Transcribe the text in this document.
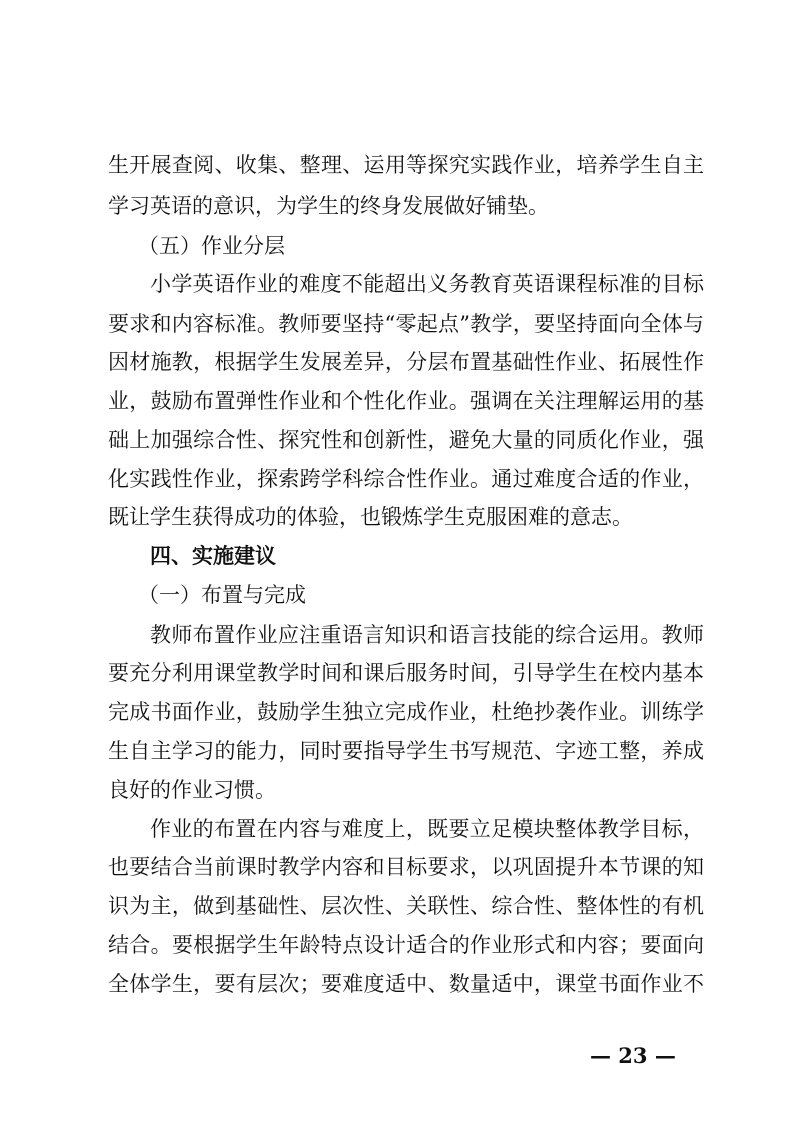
生开展查阅、收集、整理、运用等探究实践作业，培养学生自主
学习英语的意识，为学生的终身发展做好铺垫。
（五）作业分层
小学英语作业的难度不能超出义务教育英语课程标准的目标
要求和内容标准。教师要坚持“零起点”教学，要坚持面向全体与
因材施教，根据学生发展差异，分层布置基础性作业、拓展性作
业，鼓励布置弹性作业和个性化作业。强调在关注理解运用的基
础上加强综合性、探究性和创新性，避免大量的同质化作业，强
化实践性作业，探索跨学科综合性作业。通过难度合适的作业，
既让学生获得成功的体验，也锻炼学生克服困难的意志。
四、实施建议
（一）布置与完成
教师布置作业应注重语言知识和语言技能的综合运用。教师
要充分利用课堂教学时间和课后服务时间，引导学生在校内基本
完成书面作业，鼓励学生独立完成作业，杜绝抄袭作业。训练学
生自主学习的能力，同时要指导学生书写规范、字迹工整，养成
良好的作业习惯。
作业的布置在内容与难度上，既要立足模块整体教学目标，
也要结合当前课时教学内容和目标要求，以巩固提升本节课的知
识为主，做到基础性、层次性、关联性、综合性、整体性的有机
结合。要根据学生年龄特点设计适合的作业形式和内容；要面向
全体学生，要有层次；要难度适中、数量适中，课堂书面作业不
— 23 —
